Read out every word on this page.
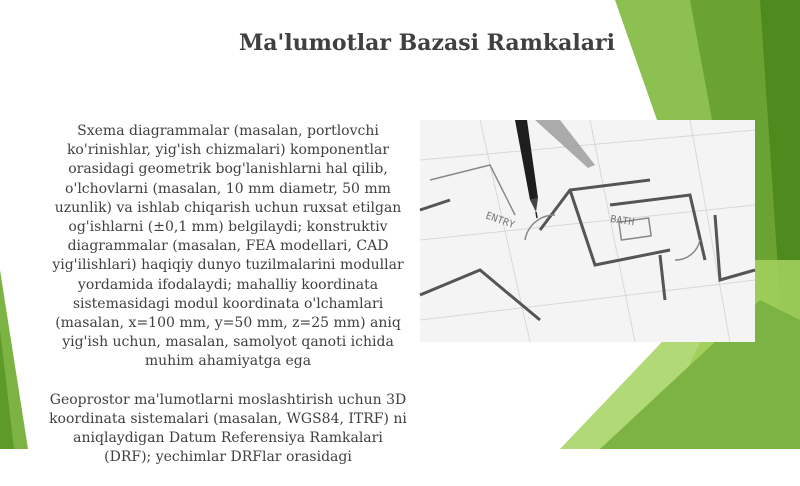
Ma'lumotlar Bazasi Ramkalari

Sxema diagrammalar (masalan, portlovchi ko'rinishlar, yig'ish chizmalari) komponentlar orasidagi geometrik bog'lanishlarni hal qilib, o'lchovlarni (masalan, 10 mm diametr, 50 mm uzunlik) va ishlab chiqarish uchun ruxsat etilgan og'ishlarni (±0,1 mm) belgilaydi; konstruktiv diagrammalar (masalan, FEA modellari, CAD yig'ilishlari) haqiqiy dunyo tuzilmalarini modullar yordamida ifodalaydi; mahalliy koordinata sistemasidagi modul koordinata o'lchamlari (masalan, x=100 mm, y=50 mm, z=25 mm) aniq yig'ish uchun, masalan, samolyot qanoti ichida muhim ahamiyatga ega

Geoprostor ma'lumotlarni moslashtirish uchun 3D koordinata sistemalari (masalan, WGS84, ITRF) ni aniqlaydigan Datum Referensiya Ramkalari (DRF); yechimlar DRFlar orasidagi

ENTRY	BATH
